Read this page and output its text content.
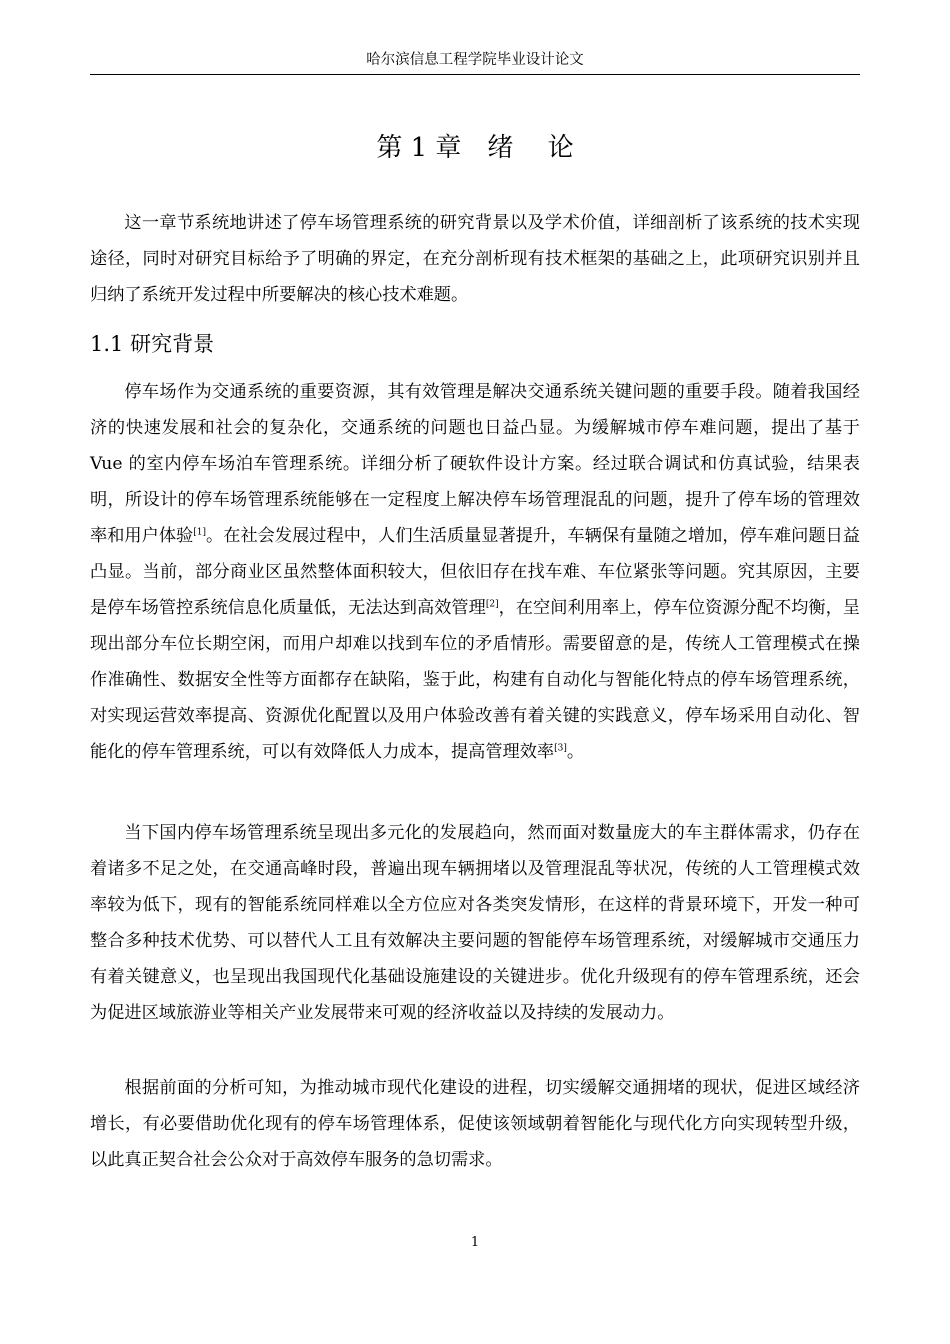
哈尔滨信息工程学院毕业设计论文
第 1 章　绪　 论

这一章节系统地讲述了停车场管理系统的研究背景以及学术价值，详细剖析了该系统的技术实现途径，同时对研究目标给予了明确的界定，在充分剖析现有技术框架的基础之上，此项研究识别并且归纳了系统开发过程中所要解决的核心技术难题。

1.1 研究背景

停车场作为交通系统的重要资源，其有效管理是解决交通系统关键问题的重要手段。随着我国经济的快速发展和社会的复杂化，交通系统的问题也日益凸显。为缓解城市停车难问题，提出了基于 Vue 的室内停车场泊车管理系统。详细分析了硬软件设计方案。经过联合调试和仿真试验，结果表明，所设计的停车场管理系统能够在一定程度上解决停车场管理混乱的问题，提升了停车场的管理效率和用户体验[1]。在社会发展过程中，人们生活质量显著提升，车辆保有量随之增加，停车难问题日益凸显。当前，部分商业区虽然整体面积较大，但依旧存在找车难、车位紧张等问题。究其原因，主要是停车场管控系统信息化质量低，无法达到高效管理[2]，在空间利用率上，停车位资源分配不均衡，呈现出部分车位长期空闲，而用户却难以找到车位的矛盾情形。需要留意的是，传统人工管理模式在操作准确性、数据安全性等方面都存在缺陷，鉴于此，构建有自动化与智能化特点的停车场管理系统，对实现运营效率提高、资源优化配置以及用户体验改善有着关键的实践意义，停车场采用自动化、智能化的停车管理系统，可以有效降低人力成本，提高管理效率[3]。

当下国内停车场管理系统呈现出多元化的发展趋向，然而面对数量庞大的车主群体需求，仍存在着诸多不足之处，在交通高峰时段，普遍出现车辆拥堵以及管理混乱等状况，传统的人工管理模式效率较为低下，现有的智能系统同样难以全方位应对各类突发情形，在这样的背景环境下，开发一种可整合多种技术优势、可以替代人工且有效解决主要问题的智能停车场管理系统，对缓解城市交通压力有着关键意义，也呈现出我国现代化基础设施建设的关键进步。优化升级现有的停车管理系统，还会为促进区域旅游业等相关产业发展带来可观的经济收益以及持续的发展动力。

根据前面的分析可知，为推动城市现代化建设的进程，切实缓解交通拥堵的现状，促进区域经济增长，有必要借助优化现有的停车场管理体系，促使该领域朝着智能化与现代化方向实现转型升级，以此真正契合社会公众对于高效停车服务的急切需求。

1
